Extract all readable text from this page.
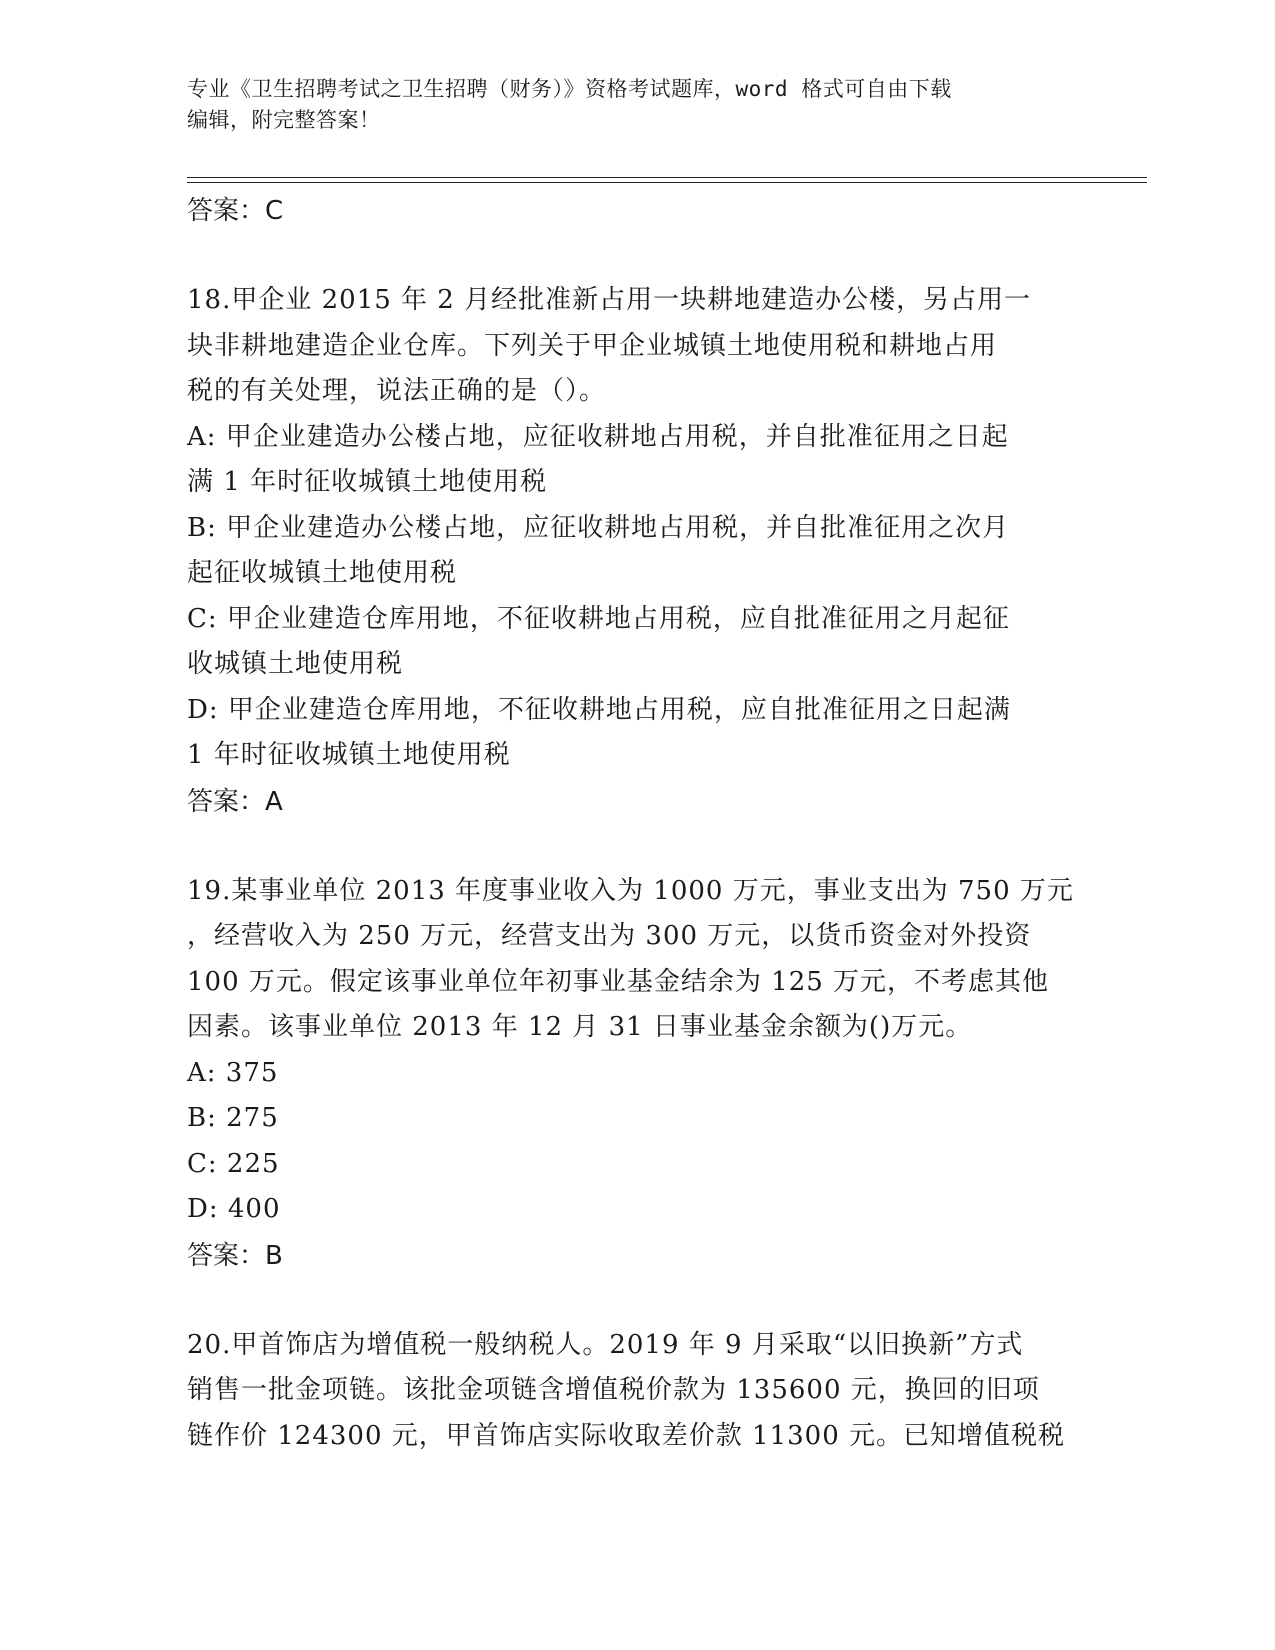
专业《卫生招聘考试之卫生招聘（财务）》资格考试题库，word 格式可自由下载
编辑，附完整答案！
答案：C
18.甲企业 2015 年 2 月经批准新占用一块耕地建造办公楼，另占用一
块非耕地建造企业仓库。下列关于甲企业城镇土地使用税和耕地占用
税的有关处理，说法正确的是（）。
A: 甲企业建造办公楼占地，应征收耕地占用税，并自批准征用之日起
满 1 年时征收城镇土地使用税
B: 甲企业建造办公楼占地，应征收耕地占用税，并自批准征用之次月
起征收城镇土地使用税
C: 甲企业建造仓库用地，不征收耕地占用税，应自批准征用之月起征
收城镇土地使用税
D: 甲企业建造仓库用地，不征收耕地占用税，应自批准征用之日起满
1 年时征收城镇土地使用税
答案：A
19.某事业单位 2013 年度事业收入为 1000 万元，事业支出为 750 万元
，经营收入为 250 万元，经营支出为 300 万元，以货币资金对外投资
100 万元。假定该事业单位年初事业基金结余为 125 万元，不考虑其他
因素。该事业单位 2013 年 12 月 31 日事业基金余额为()万元。
A: 375
B: 275
C: 225
D: 400
答案：B
20.甲首饰店为增值税一般纳税人。2019 年 9 月采取“以旧换新”方式
销售一批金项链。该批金项链含增值税价款为 135600 元，换回的旧项
链作价 124300 元，甲首饰店实际收取差价款 11300 元。已知增值税税
